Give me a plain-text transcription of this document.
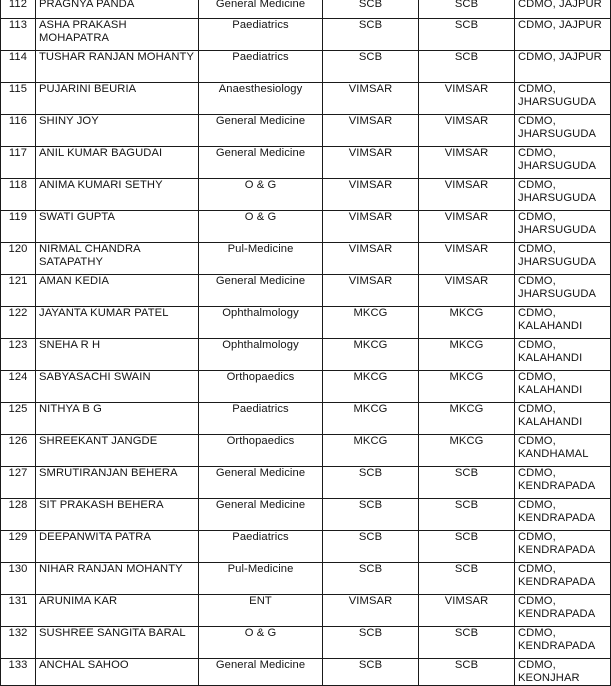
112	PRAGNYA PANDA	General Medicine	SCB	SCB	CDMO, JAJPUR
113	ASHA PRAKASH MOHAPATRA	Paediatrics	SCB	SCB	CDMO, JAJPUR
114	TUSHAR RANJAN MOHANTY	Paediatrics	SCB	SCB	CDMO, JAJPUR
115	PUJARINI BEURIA	Anaesthesiology	VIMSAR	VIMSAR	CDMO, JHARSUGUDA
116	SHINY JOY	General Medicine	VIMSAR	VIMSAR	CDMO, JHARSUGUDA
117	ANIL KUMAR BAGUDAI	General Medicine	VIMSAR	VIMSAR	CDMO, JHARSUGUDA
118	ANIMA KUMARI SETHY	O & G	VIMSAR	VIMSAR	CDMO, JHARSUGUDA
119	SWATI GUPTA	O & G	VIMSAR	VIMSAR	CDMO, JHARSUGUDA
120	NIRMAL CHANDRA SATAPATHY	Pul-Medicine	VIMSAR	VIMSAR	CDMO, JHARSUGUDA
121	AMAN KEDIA	General Medicine	VIMSAR	VIMSAR	CDMO, JHARSUGUDA
122	JAYANTA KUMAR PATEL	Ophthalmology	MKCG	MKCG	CDMO, KALAHANDI
123	SNEHA R H	Ophthalmology	MKCG	MKCG	CDMO, KALAHANDI
124	SABYASACHI SWAIN	Orthopaedics	MKCG	MKCG	CDMO, KALAHANDI
125	NITHYA B G	Paediatrics	MKCG	MKCG	CDMO, KALAHANDI
126	SHREEKANT JANGDE	Orthopaedics	MKCG	MKCG	CDMO, KANDHAMAL
127	SMRUTIRANJAN BEHERA	General Medicine	SCB	SCB	CDMO, KENDRAPADA
128	SIT PRAKASH BEHERA	General Medicine	SCB	SCB	CDMO, KENDRAPADA
129	DEEPANWITA PATRA	Paediatrics	SCB	SCB	CDMO, KENDRAPADA
130	NIHAR RANJAN MOHANTY	Pul-Medicine	SCB	SCB	CDMO, KENDRAPADA
131	ARUNIMA KAR	ENT	VIMSAR	VIMSAR	CDMO, KENDRAPADA
132	SUSHREE SANGITA BARAL	O & G	SCB	SCB	CDMO, KENDRAPADA
133	ANCHAL SAHOO	General Medicine	SCB	SCB	CDMO, KEONJHAR
